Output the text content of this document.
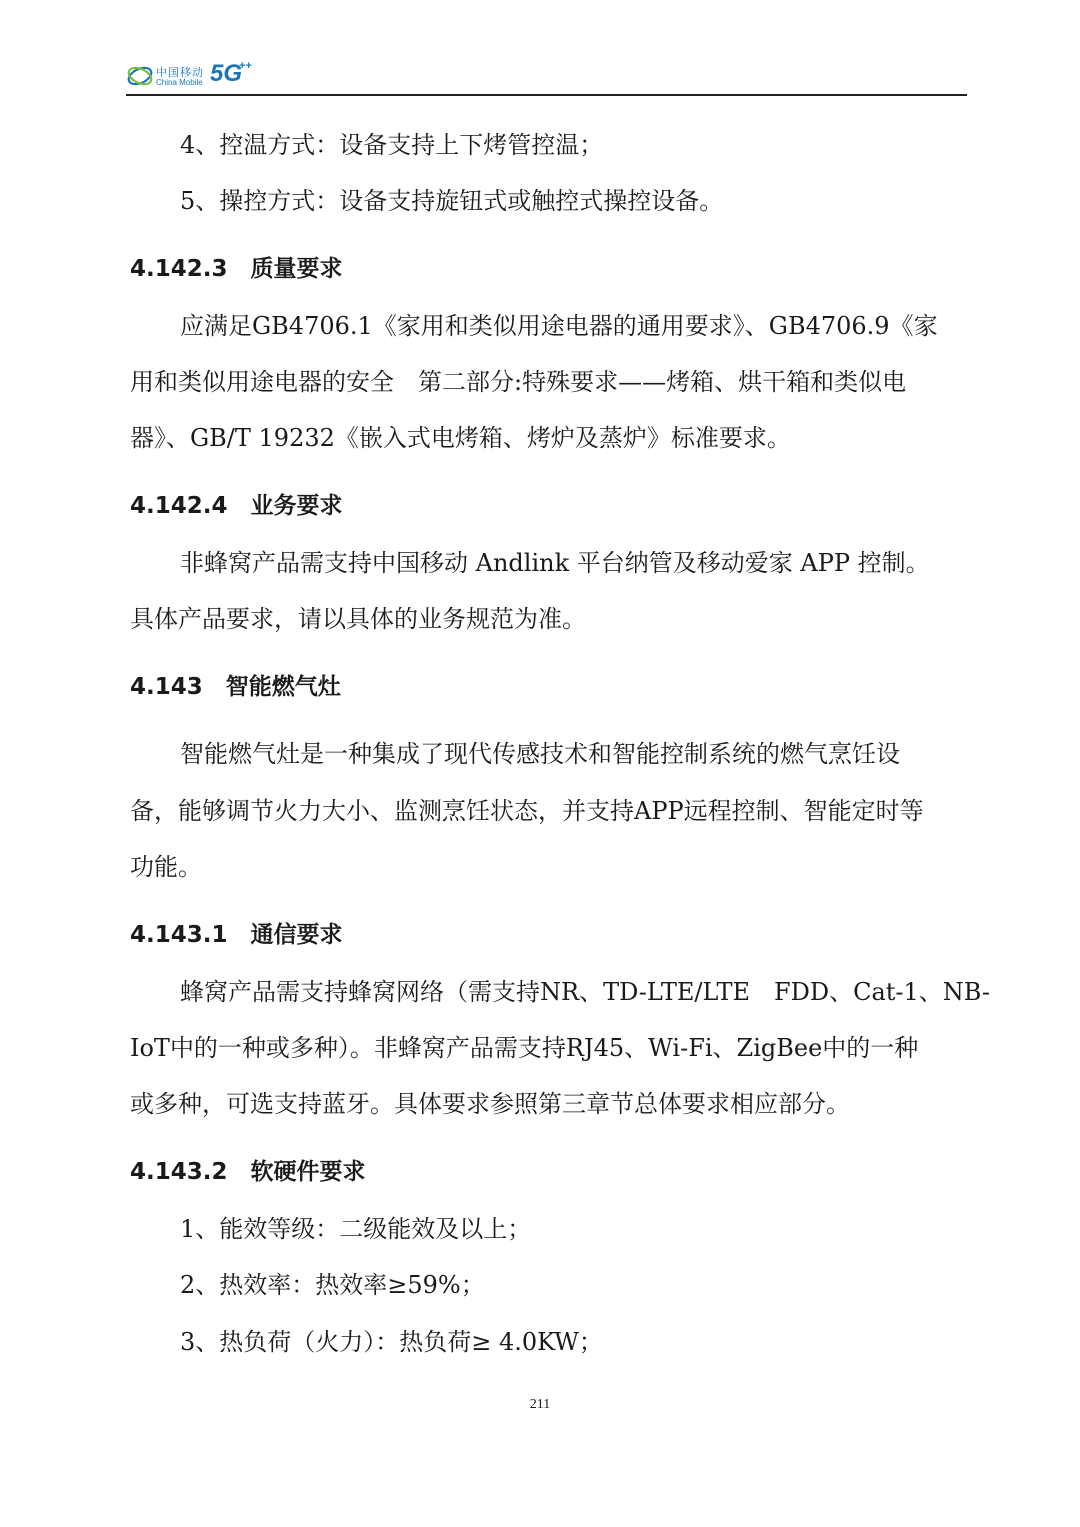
中国移动
China Mobile 5G
++
4、控温方式：设备支持上下烤管控温；
5、操控方式：设备支持旋钮式或触控式操控设备。
4.142.3　质量要求
应满足GB4706.1《家用和类似用途电器的通用要求》、GB4706.9《家
用和类似用途电器的安全　第二部分:特殊要求——烤箱、烘干箱和类似电
器》、GB/T 19232《嵌入式电烤箱、烤炉及蒸炉》标准要求。
4.142.4　业务要求
非蜂窝产品需支持中国移动 Andlink 平台纳管及移动爱家 APP 控制。
具体产品要求，请以具体的业务规范为准。
4.143　智能燃气灶
智能燃气灶是一种集成了现代传感技术和智能控制系统的燃气烹饪设
备，能够调节火力大小、监测烹饪状态，并支持APP远程控制、智能定时等
功能。
4.143.1　通信要求
蜂窝产品需支持蜂窝网络（需支持NR、TD-LTE/LTE　FDD、Cat-1、NB-
IoT中的一种或多种）。非蜂窝产品需支持RJ45、Wi-Fi、ZigBee中的一种
或多种，可选支持蓝牙。具体要求参照第三章节总体要求相应部分。
4.143.2　软硬件要求
1、能效等级：二级能效及以上；
2、热效率：热效率≥59%；
3、热负荷（火力）：热负荷≥ 4.0KW；
211
